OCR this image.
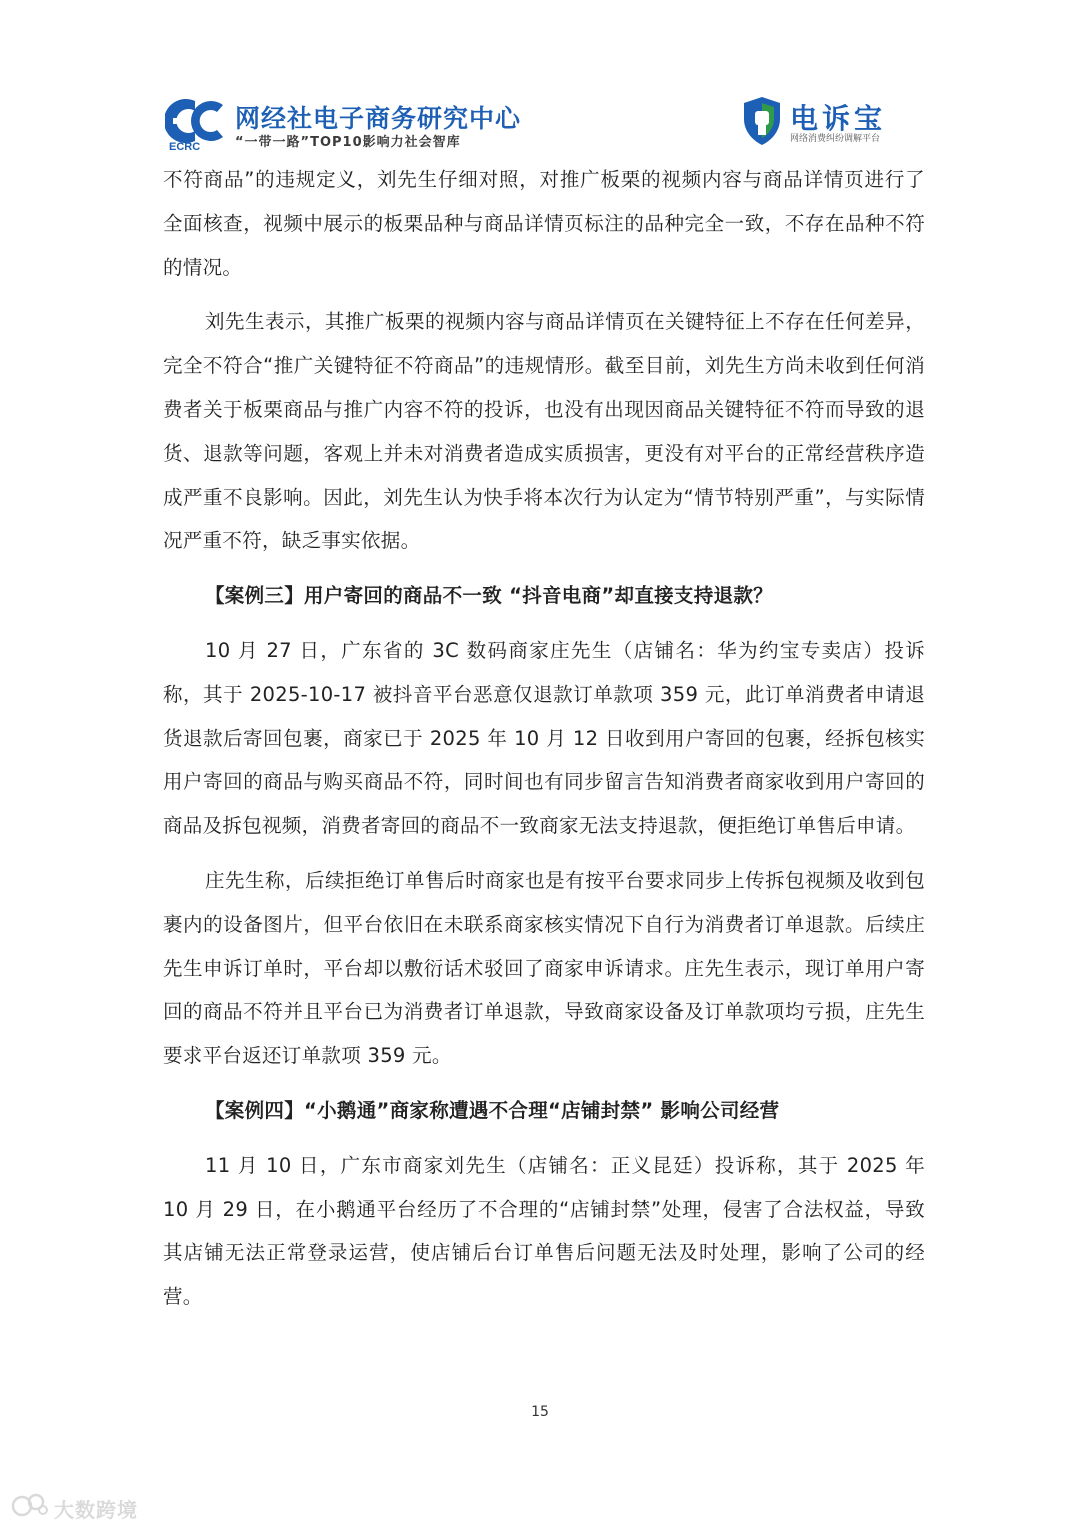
ECRC
网经社电子商务研究中心
“一带一路”TOP10影响力社会智库
电诉宝
网络消费纠纷调解平台

不符商品”的违规定义，刘先生仔细对照，对推广板栗的视频内容与商品详情页进行了全面核查，视频中展示的板栗品种与商品详情页标注的品种完全一致，不存在品种不符的情况。

刘先生表示，其推广板栗的视频内容与商品详情页在关键特征上不存在任何差异，完全不符合“推广关键特征不符商品”的违规情形。截至目前，刘先生方尚未收到任何消费者关于板栗商品与推广内容不符的投诉，也没有出现因商品关键特征不符而导致的退货、退款等问题，客观上并未对消费者造成实质损害，更没有对平台的正常经营秩序造成严重不良影响。因此，刘先生认为快手将本次行为认定为“情节特别严重”，与实际情况严重不符，缺乏事实依据。

【案例三】用户寄回的商品不一致 “抖音电商”却直接支持退款？

10 月 27 日，广东省的 3C 数码商家庄先生（店铺名：华为约宝专卖店）投诉称，其于 2025-10-17 被抖音平台恶意仅退款订单款项 359 元，此订单消费者申请退货退款后寄回包裹，商家已于 2025 年 10 月 12 日收到用户寄回的包裹，经拆包核实用户寄回的商品与购买商品不符，同时间也有同步留言告知消费者商家收到用户寄回的商品及拆包视频，消费者寄回的商品不一致商家无法支持退款，便拒绝订单售后申请。

庄先生称，后续拒绝订单售后时商家也是有按平台要求同步上传拆包视频及收到包裹内的设备图片，但平台依旧在未联系商家核实情况下自行为消费者订单退款。后续庄先生申诉订单时，平台却以敷衍话术驳回了商家申诉请求。庄先生表示，现订单用户寄回的商品不符并且平台已为消费者订单退款，导致商家设备及订单款项均亏损，庄先生要求平台返还订单款项 359 元。

【案例四】“小鹅通”商家称遭遇不合理“店铺封禁” 影响公司经营

11 月 10 日，广东市商家刘先生（店铺名：正义昆廷）投诉称，其于 2025 年 10 月 29 日，在小鹅通平台经历了不合理的“店铺封禁”处理，侵害了合法权益，导致其店铺无法正常登录运营，使店铺后台订单售后问题无法及时处理，影响了公司的经营。

15
大数跨境
